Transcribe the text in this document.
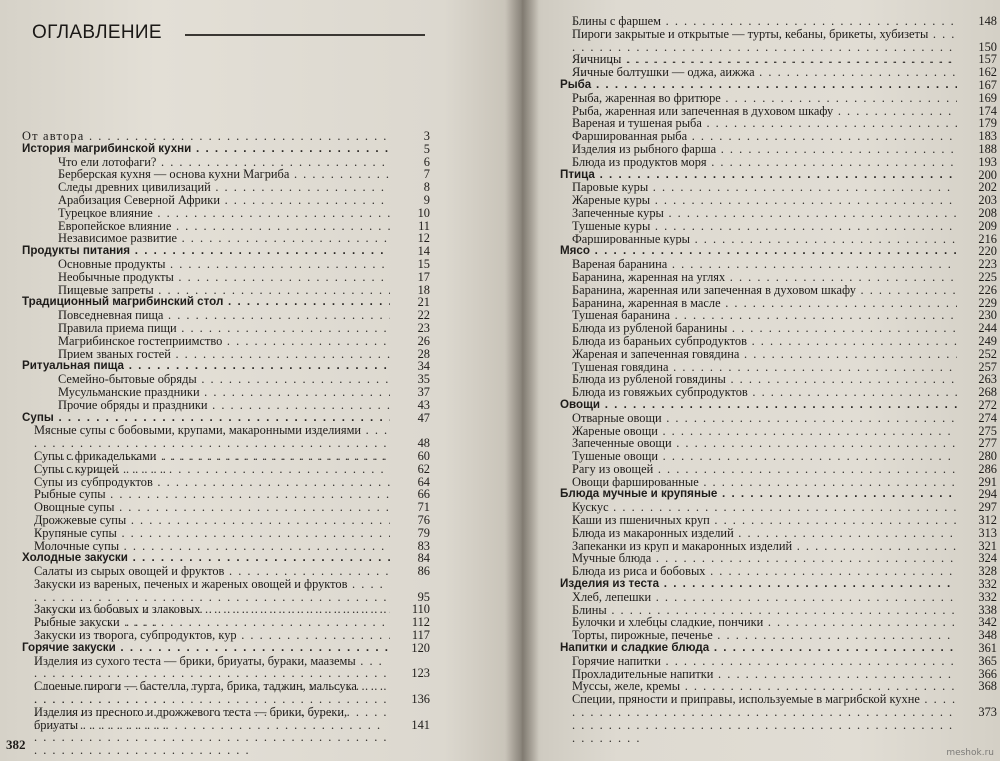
ОГЛАВЛЕНИЕ
От автора . . .	3
История магрибинской кухни . . .	5
Что ели лотофаги? . . .	6
Берберская кухня — основа кухни Магриба . . .	7
Следы древних цивилизаций . . .	8
Арабизация Северной Африки . . .	9
Турецкое влияние . . .	10
Европейское влияние . . .	11
Независимое развитие . . .	12
Продукты питания . . .	14
Основные продукты . . .	15
Необычные продукты . . .	17
Пищевые запреты . . .	18
Традиционный магрибинский стол . . .	21
Повседневная пища . . .	22
Правила приема пищи . . .	23
Магрибинское гостеприимство . . .	26
Прием званых гостей . . .	28
Ритуальная пища . . .	34
Семейно-бытовые обряды . . .	35
Мусульманские праздники . . .	37
Прочие обряды и праздники . . .	43
Супы . . .	47
Мясные супы с бобовыми, крупами, макаронными изделиями . . .
48
Супы с фрикадельками . . .	60
Супы с курицей . . .	62
Супы из субпродуктов . . .	64
Рыбные супы . . .	66
Овощные супы . . .	71
Дрожжевые супы . . .	76
Крупяные супы . . .	79
Молочные супы . . .	83
Холодные закуски . . .	84
Салаты из сырых овощей и фруктов . . .	86
Закуски из вареных, печеных и жареных овощей и фруктов . . .
95
Закуски из бобовых и злаковых . . .	110
Рыбные закуски . . .	112
Закуски из творога, субпродуктов, кур . . .	117
Горячие закуски . . .	120
Изделия из сухого теста — брики, бриуаты, бураки, мааземы . . .
123
Слоеные пироги — бастелла, турта, брика, таджин, мальсука . . .
136
Изделия из пресного и дрожжевого теста — брики, буреки, бриуаты . . .	141
382
Блины с фаршем . . .	148
Пироги закрытые и открытые — турты, кебаны, брикеты, хубизеты . . .
150
Яичницы . . .	157
Яичные болтушки — оджа, аижжа . . .	162
Рыба . . .	167
Рыба, жаренная во фритюре . . .	169
Рыба, жаренная или запеченная в духовом шкафу . . .	174
Вареная и тушеная рыба . . .	179
Фаршированная рыба . . .	183
Изделия из рыбного фарша . . .	188
Блюда из продуктов моря . . .	193
Птица . . .	200
Паровые куры . . .	202
Жареные куры . . .	203
Запеченные куры . . .	208
Тушеные куры . . .	209
Фаршированные куры . . .	216
Мясо . . .	220
Вареная баранина . . .	223
Баранина, жаренная на углях . . .	225
Баранина, жаренная или запеченная в духовом шкафу . . .	226
Баранина, жаренная в масле . . .	229
Тушеная баранина . . .	230
Блюда из рубленой баранины . . .	244
Блюда из бараньих субпродуктов . . .	249
Жареная и запеченная говядина . . .	252
Тушеная говядина . . .	257
Блюда из рубленой говядины . . .	263
Блюда из говяжьих субпродуктов . . .	268
Овощи . . .	272
Отварные овощи . . .	274
Жареные овощи . . .	275
Запеченные овощи . . .	277
Тушеные овощи . . .	280
Рагу из овощей . . .	286
Овощи фаршированные . . .	291
Блюда мучные и крупяные . . .	294
Кускус . . .	297
Каши из пшеничных круп . . .	312
Блюда из макаронных изделий . . .	313
Запеканки из круп и макаронных изделий . . .	321
Мучные блюда . . .	324
Блюда из риса и бобовых . . .	328
Изделия из теста . . .	332
Хлеб, лепешки . . .	332
Блины . . .	338
Булочки и хлебцы сладкие, пончики . . .	342
Торты, пирожные, печенье . . .	348
Напитки и сладкие блюда . . .	361
Горячие напитки . . .	365
Прохладительные напитки . . .	366
Муссы, желе, кремы . . .	368
Специи, пряности и приправы, используемые в магрибской кухне . . .
373
meshok.ru
